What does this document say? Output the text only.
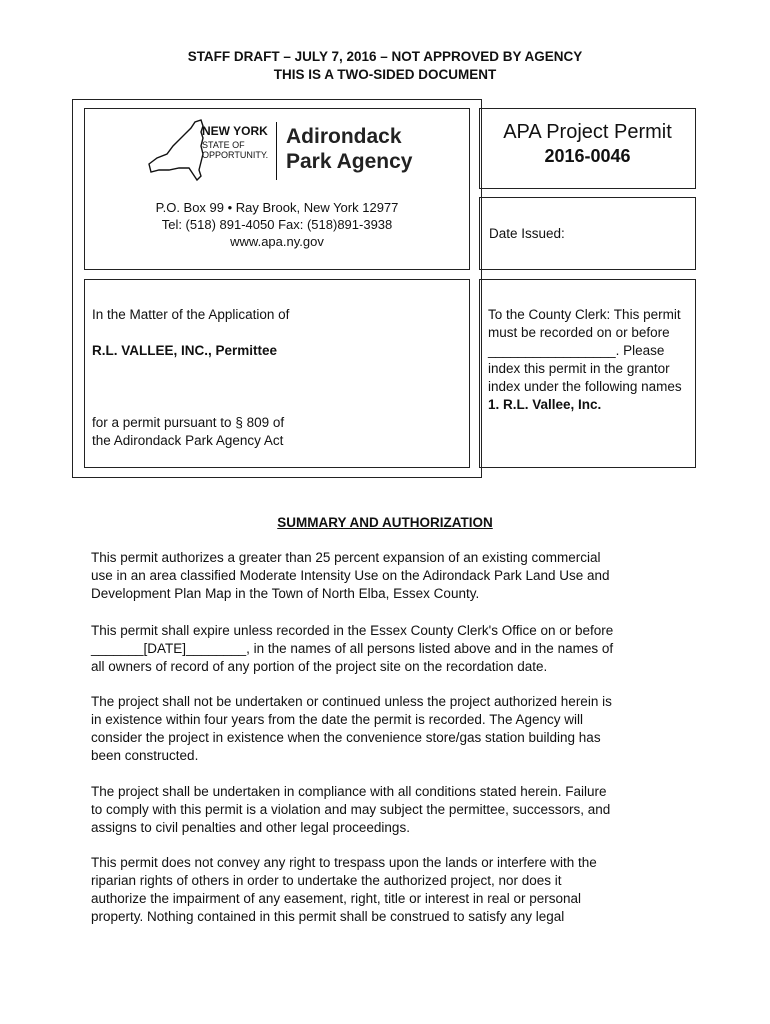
STAFF DRAFT – JULY 7, 2016 – NOT APPROVED BY AGENCY
THIS IS A TWO-SIDED DOCUMENT
NEW YORK
STATE OF
OPPORTUNITY.
Adirondack
Park Agency
P.O. Box 99 • Ray Brook, New York 12977
Tel: (518) 891-4050 Fax: (518)891-3938
www.apa.ny.gov
APA Project Permit
2016-0046
Date Issued:
In the Matter of the Application of
R.L. VALLEE, INC., Permittee
for a permit pursuant to § 809 of
the Adirondack Park Agency Act

To the County Clerk: This permit

must be recorded on or before

_________________. Please

index this permit in the grantor

index under the following names

1. R.L. Vallee, Inc.

SUMMARY AND AUTHORIZATION
This permit authorizes a greater than 25 percent expansion of an existing commercial
use in an area classified Moderate Intensity Use on the Adirondack Park Land Use and
Development Plan Map in the Town of North Elba, Essex County.
This permit shall expire unless recorded in the Essex County Clerk's Office on or before
_______[DATE]________, in the names of all persons listed above and in the names of
all owners of record of any portion of the project site on the recordation date.
The project shall not be undertaken or continued unless the project authorized herein is
in existence within four years from the date the permit is recorded. The Agency will
consider the project in existence when the convenience store/gas station building has
been constructed.
The project shall be undertaken in compliance with all conditions stated herein. Failure
to comply with this permit is a violation and may subject the permittee, successors, and
assigns to civil penalties and other legal proceedings.
This permit does not convey any right to trespass upon the lands or interfere with the
riparian rights of others in order to undertake the authorized project, nor does it
authorize the impairment of any easement, right, title or interest in real or personal
property. Nothing contained in this permit shall be construed to satisfy any legal
